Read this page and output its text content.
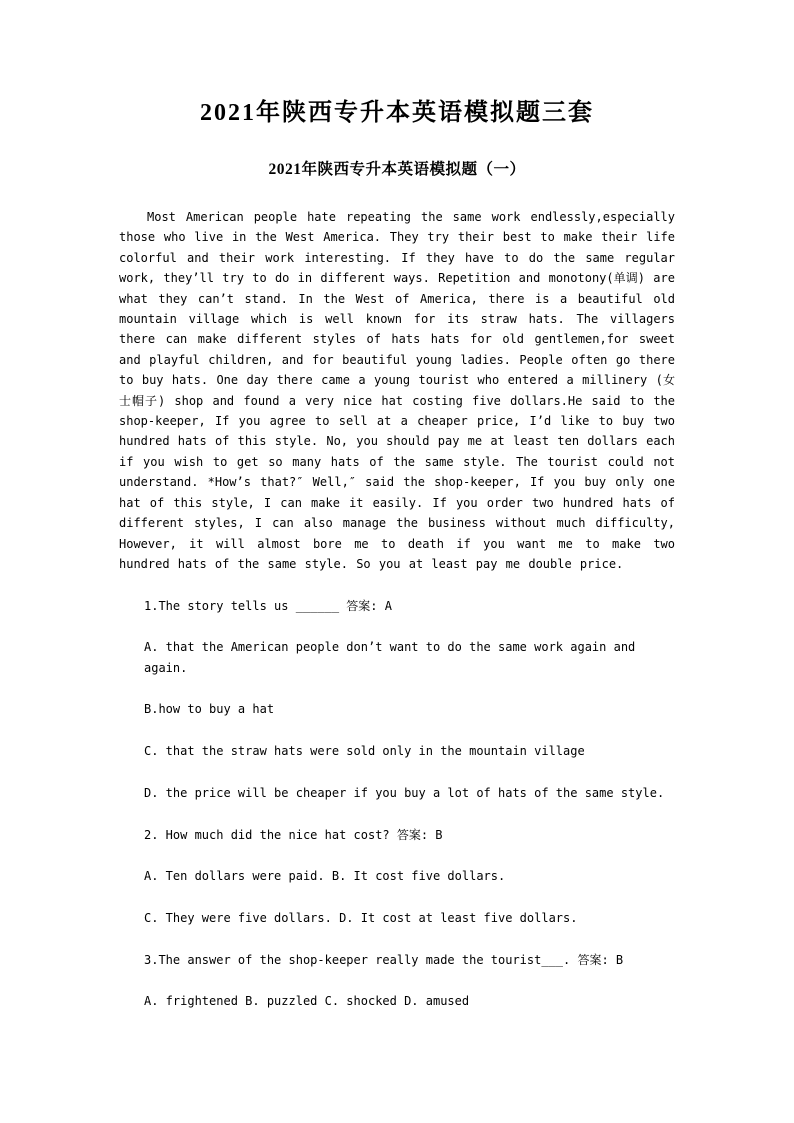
2021年陕西专升本英语模拟题三套
2021年陕西专升本英语模拟题（一）

Most American people hate repeating the same work endlessly,especially those who live in the West America. They try their best to make their life colorful and their work interesting. If they have to do the same regular work, they’ll try to do in different ways. Repetition and monotony(单调) are what they can’t stand. In the West of America, there is a beautiful old mountain village which is well known for its straw hats. The villagers there can make different styles of hats hats for old gentlemen,for sweet and playful children, and for beautiful young ladies. People often go there to buy hats. One day there came a young tourist who entered a millinery (女士帽子) shop and found a very nice hat costing five dollars.He said to the shop-keeper, If you agree to sell at a cheaper price, I’d like to buy two hundred hats of this style. No, you should pay me at least ten dollars each if you wish to get so many hats of the same style. The tourist could not understand. *How’s that?″ Well,″ said the shop-keeper, If you buy only one hat of this style, I can make it easily. If you order two hundred hats of different styles, I can also manage the business without much difficulty, However, it will almost bore me to death if you want me to make two hundred hats of the same style. So you at least pay me double price.

1.The story tells us ______ 答案: A
A. that the American people don’t want to do the same work again and again.
B.how to buy a hat
C. that the straw hats were sold only in the mountain village
D. the price will be cheaper if you buy a lot of hats of the same style.
2. How much did the nice hat cost? 答案: B
A. Ten dollars were paid. B. It cost five dollars.
C. They were five dollars. D. It cost at least five dollars.
3.The answer of the shop-keeper really made the tourist___. 答案: B
A. frightened B. puzzled C. shocked D. amused
